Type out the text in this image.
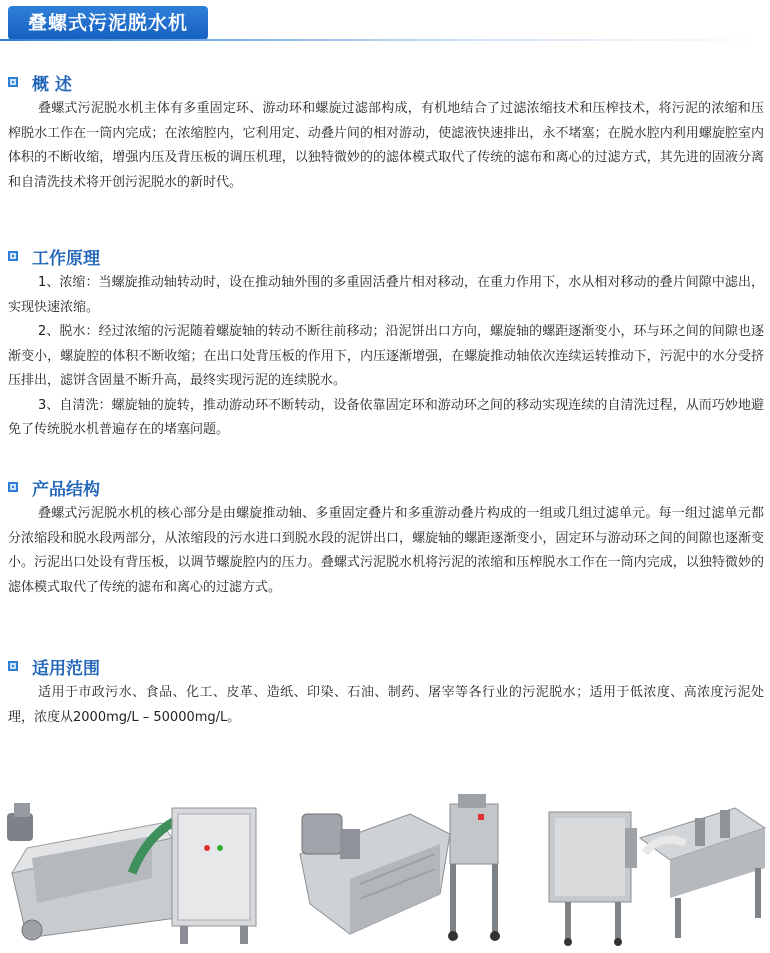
叠螺式污泥脱水机
概 述

叠螺式污泥脱水机主体有多重固定环、游动环和螺旋过滤部构成，有机地结合了过滤浓缩技术和压榨技术，将污泥的浓缩和压榨脱水工作在一筒内完成；在浓缩腔内，它利用定、动叠片间的相对游动，使滤液快速排出，永不堵塞；在脱水腔内利用螺旋腔室内体积的不断收缩，增强内压及背压板的调压机理，以独特微妙的的滤体模式取代了传统的滤布和离心的过滤方式，其先进的固液分离和自清洗技术将开创污泥脱水的新时代。

工作原理

1、浓缩：当螺旋推动轴转动时，设在推动轴外围的多重固活叠片相对移动，在重力作用下，水从相对移动的叠片间隙中滤出，实现快速浓缩。

2、脱水：经过浓缩的污泥随着螺旋轴的转动不断往前移动；沿泥饼出口方向，螺旋轴的螺距逐渐变小，环与环之间的间隙也逐渐变小，螺旋腔的体积不断收缩；在出口处背压板的作用下，内压逐渐增强，在螺旋推动轴依次连续运转推动下，污泥中的水分受挤压排出，滤饼含固量不断升高，最终实现污泥的连续脱水。

3、自清洗：螺旋轴的旋转，推动游动环不断转动，设备依靠固定环和游动环之间的移动实现连续的自清洗过程，从而巧妙地避免了传统脱水机普遍存在的堵塞问题。

产品结构

叠螺式污泥脱水机的核心部分是由螺旋推动轴、多重固定叠片和多重游动叠片构成的一组或几组过滤单元。每一组过滤单元都分浓缩段和脱水段两部分，从浓缩段的污水进口到脱水段的泥饼出口，螺旋轴的螺距逐渐变小，固定环与游动环之间的间隙也逐渐变小。污泥出口处设有背压板，以调节螺旋腔内的压力。叠螺式污泥脱水机将污泥的浓缩和压榨脱水工作在一筒内完成，以独特微妙的滤体模式取代了传统的滤布和离心的过滤方式。

适用范围

适用于市政污水、食品、化工、皮革、造纸、印染、石油、制药、屠宰等各行业的污泥脱水；适用于低浓度、高浓度污泥处理，浓度从2000mg/L – 50000mg/L。
